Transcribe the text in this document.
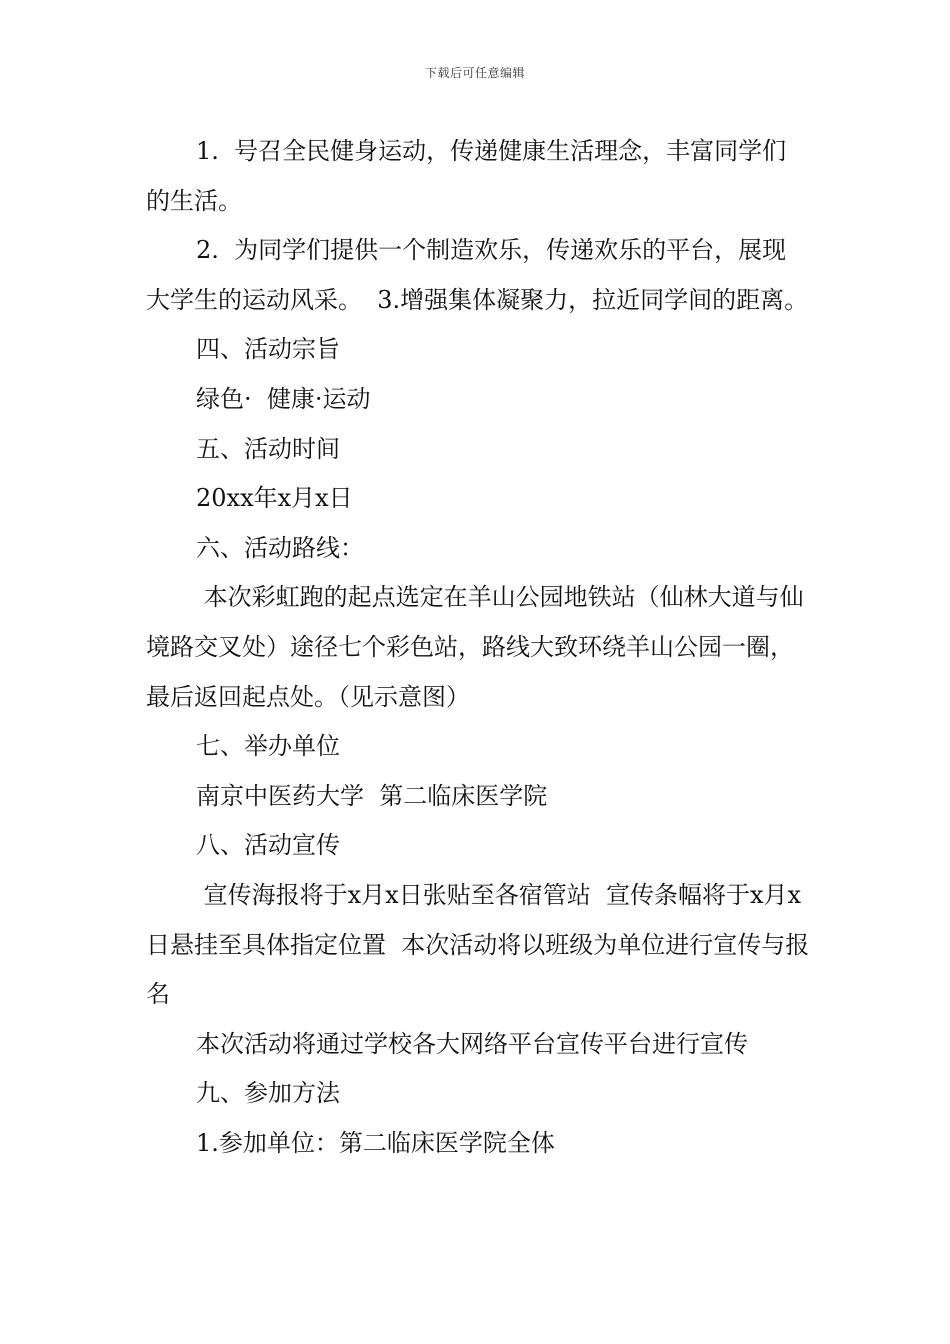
下载后可任意编辑

1.  号召全民健身运动，传递健康生活理念，丰富同学们的生活。

2.  为同学们提供一个制造欢乐，传递欢乐的平台，展现大学生的运动风采。  3.增强集体凝聚力，拉近同学间的距离。

四、活动宗旨

绿色·  健康·运动

五、活动时间

20xx年x月x日

六、活动路线：

本次彩虹跑的起点选定在羊山公园地铁站（仙林大道与仙境路交叉处）途径七个彩色站，路线大致环绕羊山公园一圈，最后返回起点处。（见示意图）

七、举办单位

南京中医药大学  第二临床医学院

八、活动宣传

宣传海报将于x月x日张贴至各宿管站  宣传条幅将于x月x日悬挂至具体指定位置  本次活动将以班级为单位进行宣传与报名

本次活动将通过学校各大网络平台宣传平台进行宣传

九、参加方法

1.参加单位：第二临床医学院全体
